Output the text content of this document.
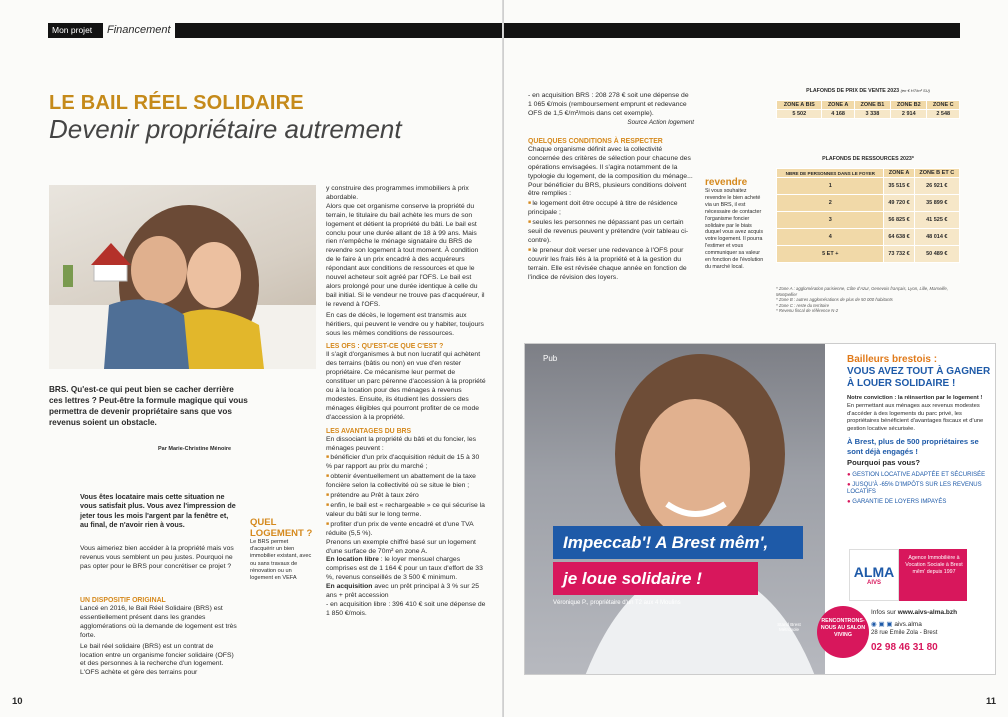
Mon projet	Financement
LE BAIL RÉEL SOLIDAIRE
Devenir propriétaire autrement
BRS. Qu'est-ce qui peut bien se cacher derrière ces lettres ? Peut-être la formule magique qui vous permettra de devenir propriétaire sans que vos revenus soient un obstacle.
Par Marie-Christine Ménoire
Vous êtes locataire mais cette situation ne vous satisfait plus. Vous avez l'impression de jeter tous les mois l'argent par la fenêtre et, au final, de n'avoir rien à vous.
Vous aimeriez bien accéder à la propriété mais vos revenus vous semblent un peu justes. Pourquoi ne pas opter pour le BRS pour concrétiser ce projet ?
QUEL LOGEMENT ?
Le BRS permet d'acquérir un bien immobilier existant, avec ou sans travaux de rénovation ou un logement en VEFA
UN DISPOSITIF ORIGINAL
Lancé en 2016, le Bail Réel Solidaire (BRS) est essentiellement présent dans les grandes agglomérations où la demande de logement est très forte.
Le bail réel solidaire (BRS) est un contrat de location entre un organisme foncier solidaire (OFS) et des personnes à la recherche d'un logement. L'OFS achète et gère des terrains pour
y construire des programmes immobiliers à prix abordable.
Alors que cet organisme conserve la propriété du terrain, le titulaire du bail achète les murs de son logement et détient la propriété du bâti. Le bail est conclu pour une durée allant de 18 à 99 ans. Mais rien n'empêche le ménage signataire du BRS de revendre son logement à tout moment. À condition de le faire à un prix encadré à des acquéreurs répondant aux conditions de ressources et que le nouvel acheteur soit agréé par l'OFS. Le bail est alors prolongé pour une durée identique à celle du bail initial. Si le vendeur ne trouve pas d'acquéreur, il le revend à l'OFS.
En cas de décès, le logement est transmis aux héritiers, qui peuvent le vendre ou y habiter, toujours sous les mêmes conditions de ressources.
LES OFS : QU'EST-CE QUE C'EST ?
Il s'agit d'organismes à but non lucratif qui achètent des terrains (bâtis ou non) en vue d'en rester propriétaire. Ce mécanisme leur permet de constituer un parc pérenne d'accession à la propriété ou à la location pour des ménages à revenus modestes. Ensuite, ils étudient les dossiers des ménages éligibles qui pourront profiter de ce mode d'accession à la propriété.
LES AVANTAGES DU BRS
En dissociant la propriété du bâti et du foncier, les ménages peuvent :
■ bénéficier d'un prix d'acquisition réduit de 15 à 30 % par rapport au prix du marché ;
■ obtenir éventuellement un abattement de la taxe foncière selon la collectivité où se situe le bien ;
■ prétendre au Prêt à taux zéro
■ enfin, le bail est « rechargeable » ce qui sécurise la valeur du bâti sur le long terme.
■ profiter d'un prix de vente encadré et d'une TVA réduite (5,5 %).
Prenons un exemple chiffré basé sur un logement d'une surface de 70m² en zone A.
En location libre : le loyer mensuel charges comprises est de 1 164 € pour un taux d'effort de 33 %, revenus conseillés de 3 500 € minimum.
En acquisition avec un prêt principal à 3 % sur 25 ans + prêt accession
- en acquisition libre : 396 410 € soit une dépense de 1 850 €/mois.
10
- en acquisition BRS : 208 278 € soit une dépense de 1 065 €/mois (remboursement emprunt et redevance OFS de 1,5 €/m²/mois dans cet exemple).
Source Action logement
QUELQUES CONDITIONS À RESPECTER
Chaque organisme définit avec la collectivité concernée des critères de sélection pour chacune des opérations envisagées. Il s'agira notamment de la typologie du logement, de la composition du ménage...
Pour bénéficier du BRS, plusieurs conditions doivent être remplies :
■ le logement doit être occupé à titre de résidence principale ;
■ seules les personnes ne dépassant pas un certain seuil de revenus peuvent y prétendre (voir tableau ci-contre).
■ le preneur doit verser une redevance à l'OFS pour couvrir les frais liés à la propriété et à la gestion du terrain. Elle est révisée chaque année en fonction de l'indice de révision des loyers.
revendre
Si vous souhaitez revendre le bien acheté via un BRS, il est nécessaire de contacter l'organisme foncier solidaire par le biais duquel vous avez acquis votre logement. Il pourra l'estimer et vous communiquer sa valeur en fonction de l'évolution du marché local.
PLAFONDS DE PRIX DE VENTE 2023 (en € HT/m² SU)
ZONE A BIS	ZONE A	ZONE B1	ZONE B2	ZONE C
5 502	4 168	3 338	2 914	2 548
PLAFONDS DE RESSOURCES 2023*
NBRE DE PERSONNES DANS LE FOYER	ZONE A	ZONE B ET C
1	35 515 €	26 921 €
2	49 720 €	35 899 €
3	56 825 €	41 525 €
4	64 638 €	48 014 €
5 ET +	73 732 €	50 489 €
* Zone A : agglomération parisienne, Côte d'Azur, Genevois français, Lyon, Lille, Marseille, Montpellier
* Zone B : autres agglomérations de plus de 50 000 habitants
* Zone C : reste du territoire
* Revenu fiscal de référence N-2
11
Pub
Impeccab'! A Brest mêm',
je loue solidaire !
Véronique P., propriétaire d'un T2 aux 4 Moulins
Stand Brest Métropole
RENCONTRONS-NOUS AU SALON VIVING
Bailleurs brestois :
VOUS AVEZ TOUT À GAGNER À LOUER SOLIDAIRE !
Notre conviction : la réinsertion par le logement !
En permettant aux ménages aux revenus modestes d'accéder à des logements du parc privé, les propriétaires bénéficient d'avantages fiscaux et d'une gestion locative sécurisée.
À Brest, plus de 500 propriétaires se sont déjà engagés !
Pourquoi pas vous?
● GESTION LOCATIVE ADAPTÉE ET SÉCURISÉE
● JUSQU'À -65% D'IMPÔTS SUR LES REVENUS LOCATIFS
● GARANTIE DE LOYERS IMPAYÉS
ALMA
AIVS
Agence Immobilière à Vocation Sociale à Brest mêm' depuis 1997
Infos sur www.aivs-alma.bzh
◉ ▣ ▣ aivs.alma
28 rue Emile Zola - Brest
02 98 46 31 80
